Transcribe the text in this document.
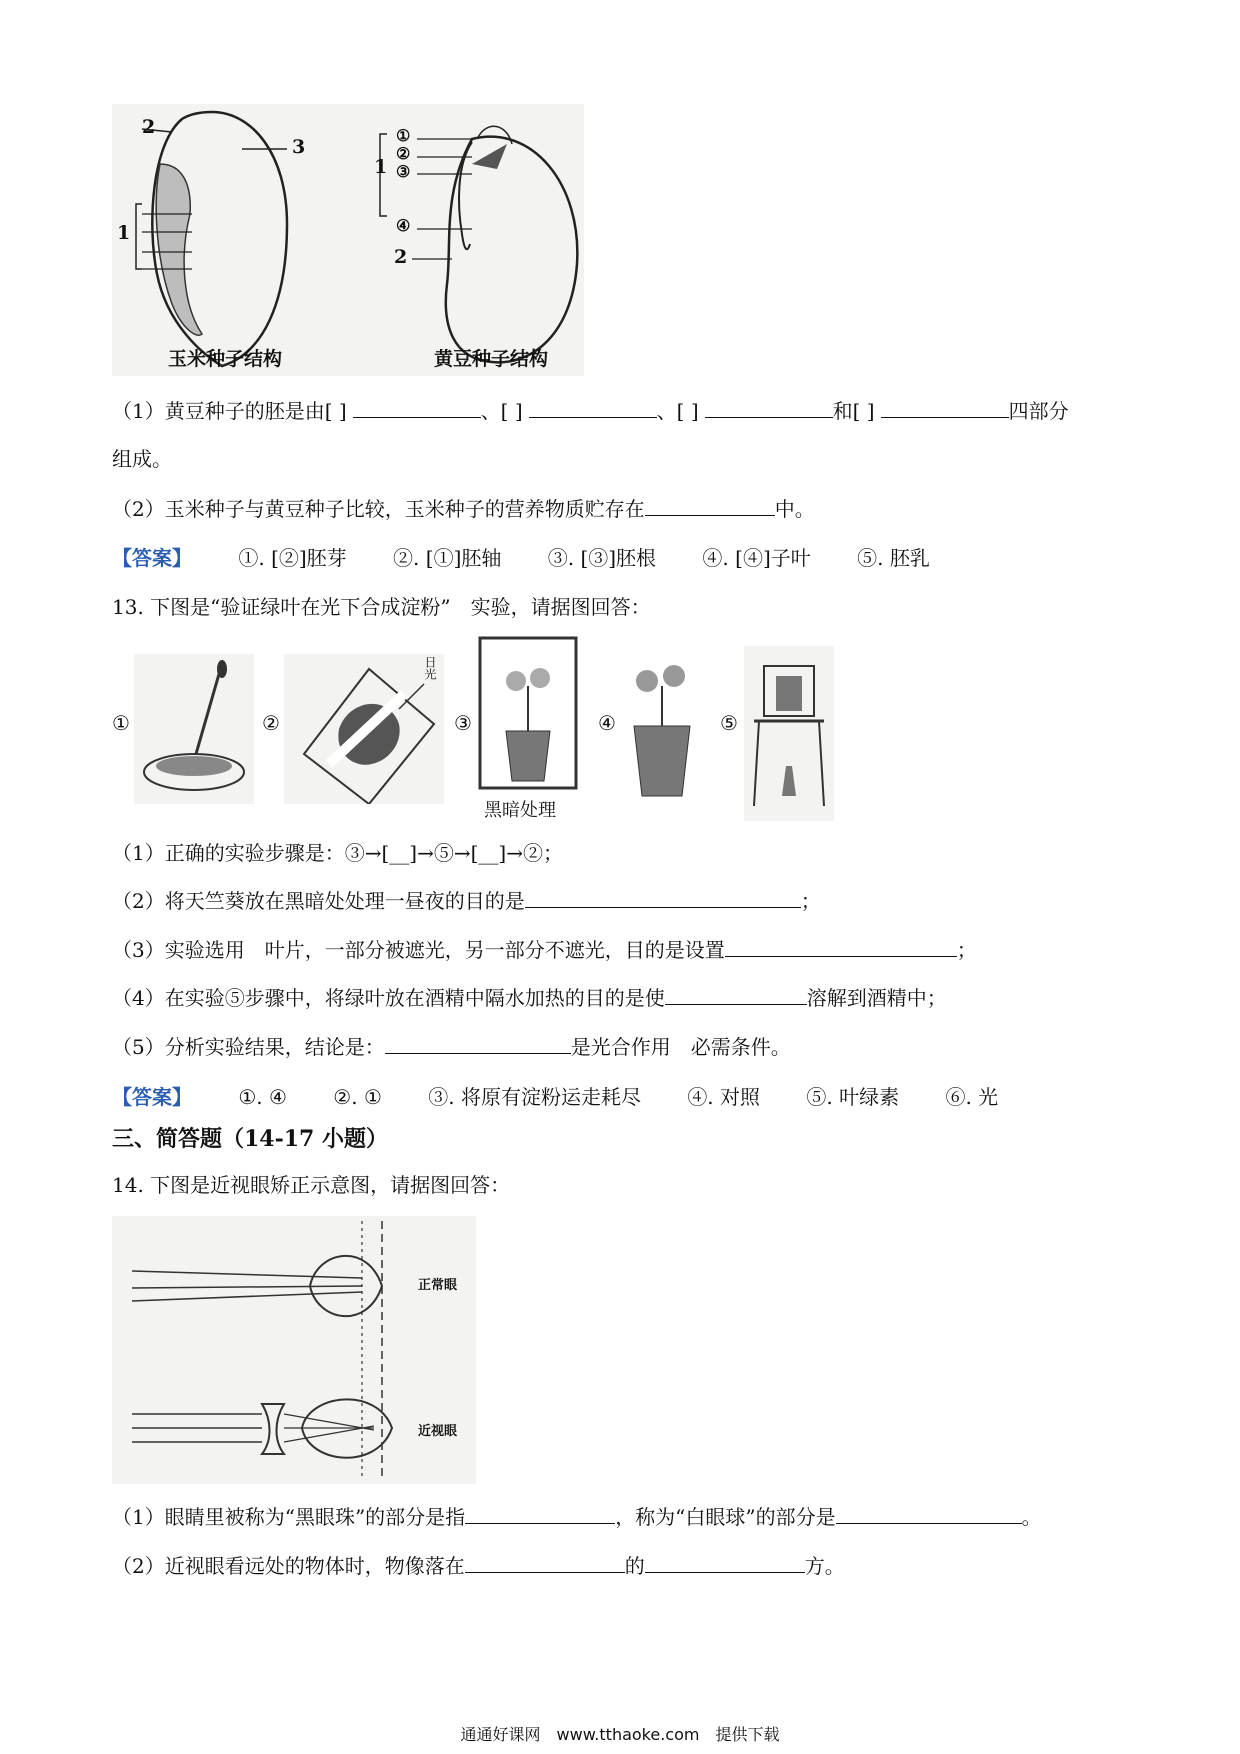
2
3
1
1
①
②
③
④
2
玉米种子结构	黄豆种子结构
（1）黄豆种子的胚是由[ ]	、[ ]	、[ ]	和[ ]	四部分
组成。
（2）玉米种子与黄豆种子比较，玉米种子的营养物质贮存在	中。
【答案】 ①. [②]胚芽 ②. [①]胚轴 ③. [③]胚根 ④. [④]子叶 ⑤. 胚乳
13. 下图是“验证绿叶在光下合成淀粉”　实验，请据图回答：
①	②
日光
③
黑暗处理
④	⑤
（1）正确的实验步骤是：③→[__]→⑤→[__]→②；
（2）将天竺葵放在黑暗处处理一昼夜的目的是	；
（3）实验选用　叶片，一部分被遮光，另一部分不遮光，目的是设置	；
（4）在实验⑤步骤中，将绿叶放在酒精中隔水加热的目的是使	溶解到酒精中；
（5）分析实验结果，结论是：	是光合作用　必需条件。
【答案】 ①. ④ ②. ① ③. 将原有淀粉运走耗尽 ④. 对照 ⑤. 叶绿素 ⑥. 光
三、简答题（14-17 小题）
14. 下图是近视眼矫正示意图，请据图回答：
正常眼
近视眼
（1）眼睛里被称为“黑眼珠”的部分是指	，称为“白眼球”的部分是	。
（2）近视眼看远处的物体时，物像落在	的	方。
通通好课网　www.tthaoke.com　提供下载
